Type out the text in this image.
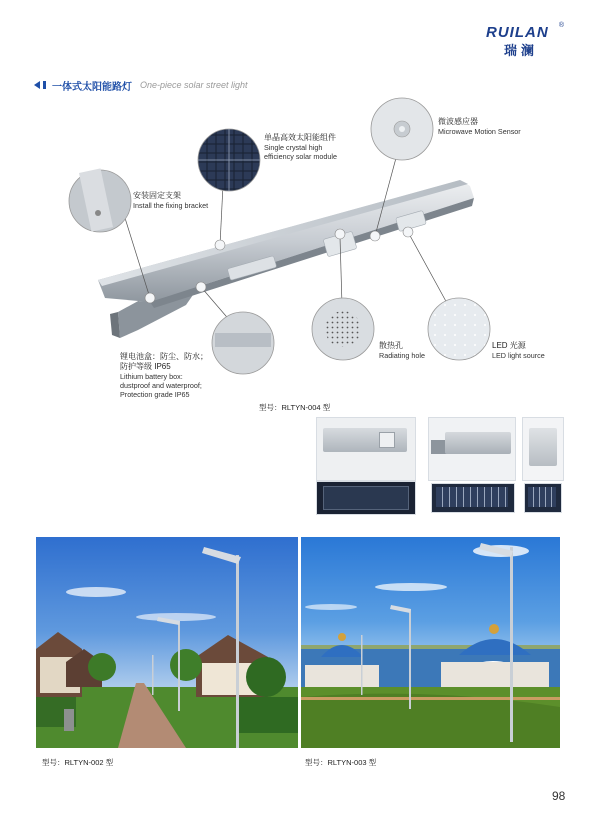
RUILAN ®
瑞澜
一体式太阳能路灯 One-piece solar street light
微波感应器
Microwave Motion Sensor
单晶高效太阳能组件
Single crystal high
efficiency solar module
安装固定支架
Install the fixing bracket
锂电池盒：防尘、防水；
防护等级 IP65
Lithium battery box:
dustproof and waterproof;
Protection grade IP65
散热孔
Radiating hole
LED 光源
LED light source
型号：RLTYN-004 型
型号：RLTYN-002 型	型号：RLTYN-003 型
98
